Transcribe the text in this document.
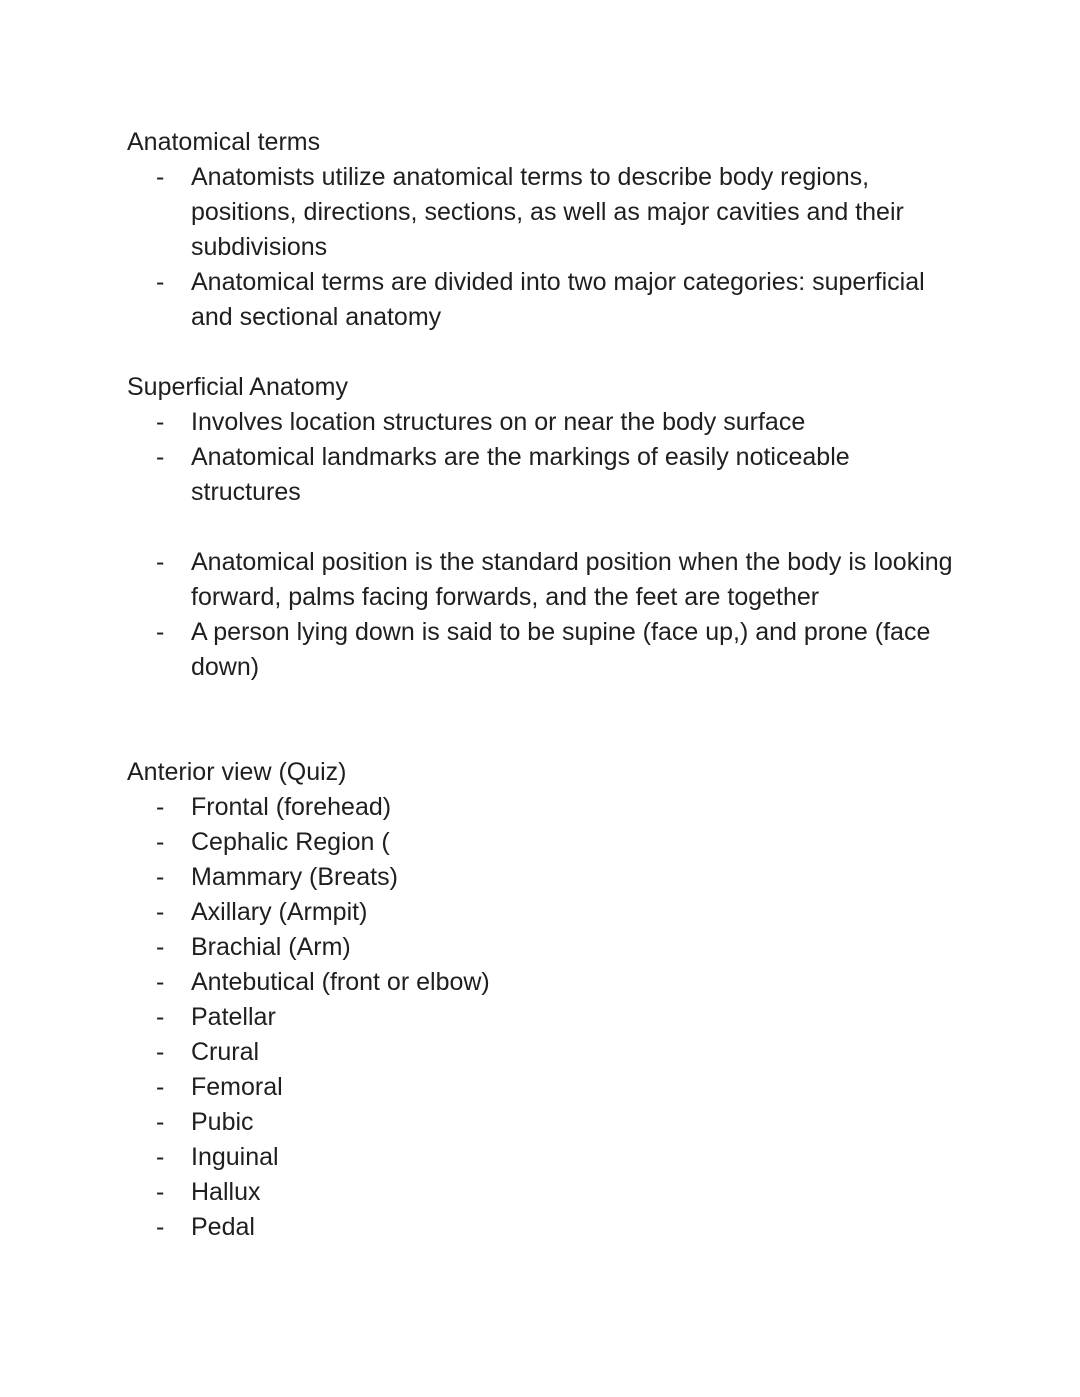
Anatomical terms
- Anatomists utilize anatomical terms to describe body regions, positions, directions, sections, as well as major cavities and their subdivisions
- Anatomical terms are divided into two major categories: superficial and sectional anatomy
Superficial Anatomy
- Involves location structures on or near the body surface
- Anatomical landmarks are the markings of easily noticeable structures
- Anatomical position is the standard position when the body is looking forward, palms facing forwards, and the feet are together
- A person lying down is said to be supine (face up,) and prone (face down)
Anterior view (Quiz)
- Frontal (forehead)
- Cephalic Region (
- Mammary (Breats)
- Axillary (Armpit)
- Brachial (Arm)
- Antebutical (front or elbow)
- Patellar
- Crural
- Femoral
- Pubic
- Inguinal
- Hallux
- Pedal
